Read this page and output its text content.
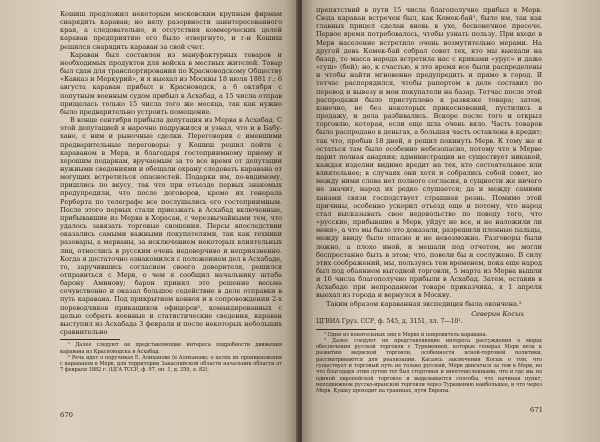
Кошиш предложил некоторым московским крупным фирмам снарядить караван; но вялу разорвности заинтересованного края, а следовательно, и отсутствия коммерческих целей караван предприятию его было отвергнуто, и г-н Кошиш решился снарядить караван за свой счет.

Караван был составлен из мануфактурных товаров и необходимых продуктов для войска в местных жителей. Товар был сдан для транспортирования по Красноводскому Обществу «Кавказ и Меркурий», и я выехал из Москвы 18 июля 1881 г.; 6 августа караван прибыл в Красноводск, а 6 октября с попутным военным судом прибыл в Асхабад, а 15 числа отправ прищелась только 15 числа того же месяца, так как нужно было предварительно устроить помещение.

В конце сентября прибыла депутация из Мерва в Асхабад. С этой депутацией я нарочно подружился и узнал, что и в Бабу-хане, с ним и рыночные сделки. Переговорив с имевшими предварительные переговоры: у Кошиш решил пойти с караваном в Мерв, и благодаря гостеприимному приему и хорошим подаркам, вручаемым за то все время от депутации нужными сведениями и обещали охрану следовать каравана от могущих встретиться опасностей. Подарки им, по-видимому, пришлись по вкусу, так что при отъезде первых знакомых предупредили, что после договоров, кроме их генерала Рерберта по телеграфе все послушались его гостеприимным. После этого первых стали приезжать в Асхабад включенные, прибывавшие из Мерва в Хорасан, с черезвычайными тем, что удалось завязать торговые сношения. Персы впоследствии оказались самыми важными покупателями, так как техники разовары, а мерваны, за исключением некоторых влиятельных лиц, отнеслись в русским очень недоверчиво и неприязненно. Когда я достаточно ознакомился с положением дел в Асхабаде, то, заручившись согласием своего доверителя, решился отправиться с Мерв, о чем я сообщил начальнику штаба барону Аминову; барон принял это решение весьма сочувственно и оказал большое содействие в деле отправки в путь каравана. Под прикрытием конвоя и в сопровождении 2-х переводчиков прикащиков офицеров², командированных с целью собрать военные и статистические сведения, караван выступил из Асхабада 3 февраля и после некоторых небольших сравнительно

¹ Далее следуют не представляющие интереса подробности движения каравана из Красноводска в Асхабад.

² Речь идет о поручиках Е. Алиханове (в Алиханове; о целях их проникновения с караваном в Мерв, для территории Закаспийской области начальник области от 7 февраля 1882 г. (ЦГА ТССР, ф. 97, оп. 1, д. 359, л. 82).

670

препятствий в пути 15 числа благополучно прибыл в Мерв. Сюда караван встречен был, как Комек-бай¹, было им, так как главных прицел сделан вновь в ухе, бесконечное пресече. Первое время потребовалось, чтобы узнать пользу. При входе в Мерв население встретило очень возмутительно мерами. На другой день Комек-бай собрал совет тех, кто мы выехали на базар, то масса народа встретила нас с криками «урус» и даже «гуш» (бей); но, к счастью, в это время все были распределены и чтобы найти мгновенно предупредить и прямо в город. Я тотчас распорядился, чтобы рапортом в деле составил по перевод и вывезу и мои покупатели на базар. Тотчас после этой распродажи было приступлено к развязке товара; затем, конечно, не без некоторых прикосновений, пустились в продажу, и дела разбивались. Вскоре после того и открыл торговлю, которая, если еще шла очень вяло. Часть товаров было распродано в деньгах, а большая часть оставлена в кредит; так что, пробыв 18 дней, я решил покинуть Мерв. К тому же и остаться там было особенно небезопасно, потому что в Мерве царит полная анархия; администрации не существует никакой, каждая изделии видимо вредит на тех, кто состоятельнее или влиятельнее; в случаях они хотя и собрались собой совет, но между ними слова нет полного согласия, в сущности же ничего не значит, народ их редко слушается; да и между самими ханами связи господствует страшная рознь. Помимо этой причины, особенно ускорил отъезд еще и потому, что народ стал высказывать свое недовольство по поводу того, что «русские, прибывшие в Мерв, уйдут не все, и не наложили ли меня», а что мы было это доказали, разрешили пленные пальцы, между ввиду было опасно и не невозможно. Разговоры были ложно, а плохо иной, и мешали под отчетом, не могли беспрестанно быть в этом; что, повели бы и сослужено. В силу этих соображений, мы, пользуясь тем временем, пока еще народ был под обаянием выгодной торговли, 5 марта из Мерва вышли и 16 числа благополучно прибыли в Асхабад. Затем, оставив в Асхабаде при непроданном товаре приказчика, я 1 апреля выехал из города и вернулся в Москву.

Таким образом караванная экспедиция была окончена.²

Северин Косых
ЦГВИА Груз. ССР, ф. 545, д. 3151, лл. 7—10¹.

¹ Один из влиятельных лиц в Мерве и покровитель каравана.

² Далее следуют не представляющие интереса рассуждения о мерах обеспечения русской торговли с Туркменией, которые генерал Мерв вела к развитию мервской торговли, особенности ясной-торговой политики, рассматриваются для реализации. Касаясь заключения Косых о том, что существует и торговый путь не только русский, Мерв двигаться за тем в Мерв, но что благодаря этим путем тот был сторговых и многочисленными, что и где мы по единой европейской торговле и выделывается способы, что начиная пункт, неподвижном русско-иранской торговли через Туркмению наибольшее, и что через Мерв, Кушку проходит на границах, пути Европы.

671
